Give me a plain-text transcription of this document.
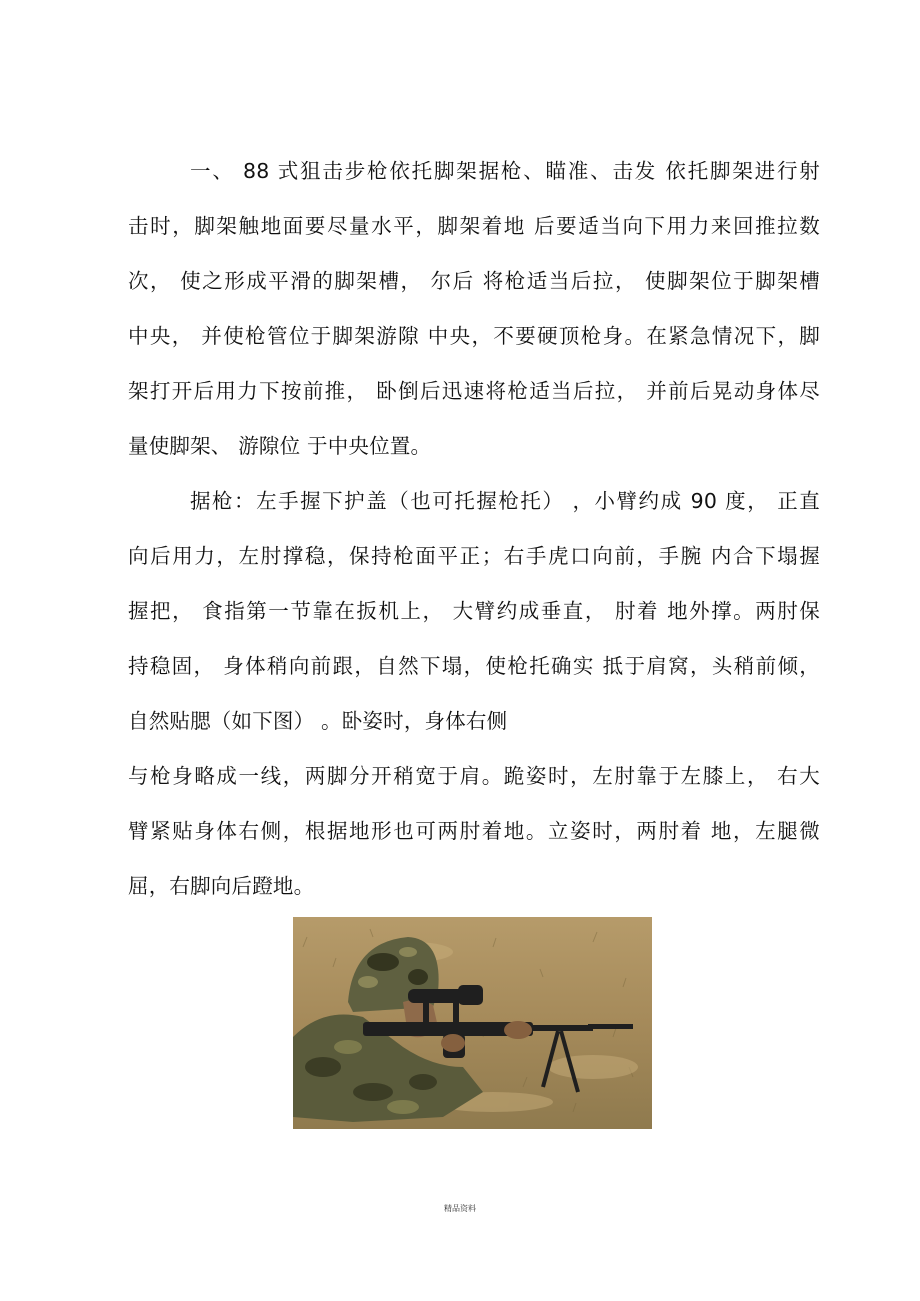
一、 88 式狙击步枪依托脚架据枪、瞄准、击发 依托脚架进行射
击时，脚架触地面要尽量水平，脚架着地 后要适当向下用力来回推拉数
次， 使之形成平滑的脚架槽， 尔后 将枪适当后拉， 使脚架位于脚架槽
中央， 并使枪管位于脚架游隙 中央，不要硬顶枪身。在紧急情况下，脚
架打开后用力下按前推， 卧倒后迅速将枪适当后拉， 并前后晃动身体尽
量使脚架、 游隙位 于中央位置。
据枪：左手握下护盖（也可托握枪托） ，小臂约成 90 度， 正直
向后用力，左肘撑稳，保持枪面平正；右手虎口向前，手腕 内合下塌握
握把， 食指第一节靠在扳机上， 大臂约成垂直， 肘着 地外撑。两肘保
持稳固， 身体稍向前跟，自然下塌，使枪托确实 抵于肩窝，头稍前倾，
自然贴腮（如下图） 。卧姿时，身体右侧
与枪身略成一线，两脚分开稍宽于肩。跪姿时，左肘靠于左膝上， 右大
臂紧贴身体右侧，根据地形也可两肘着地。立姿时，两肘着 地，左腿微
屈，右脚向后蹬地。
精品资料
